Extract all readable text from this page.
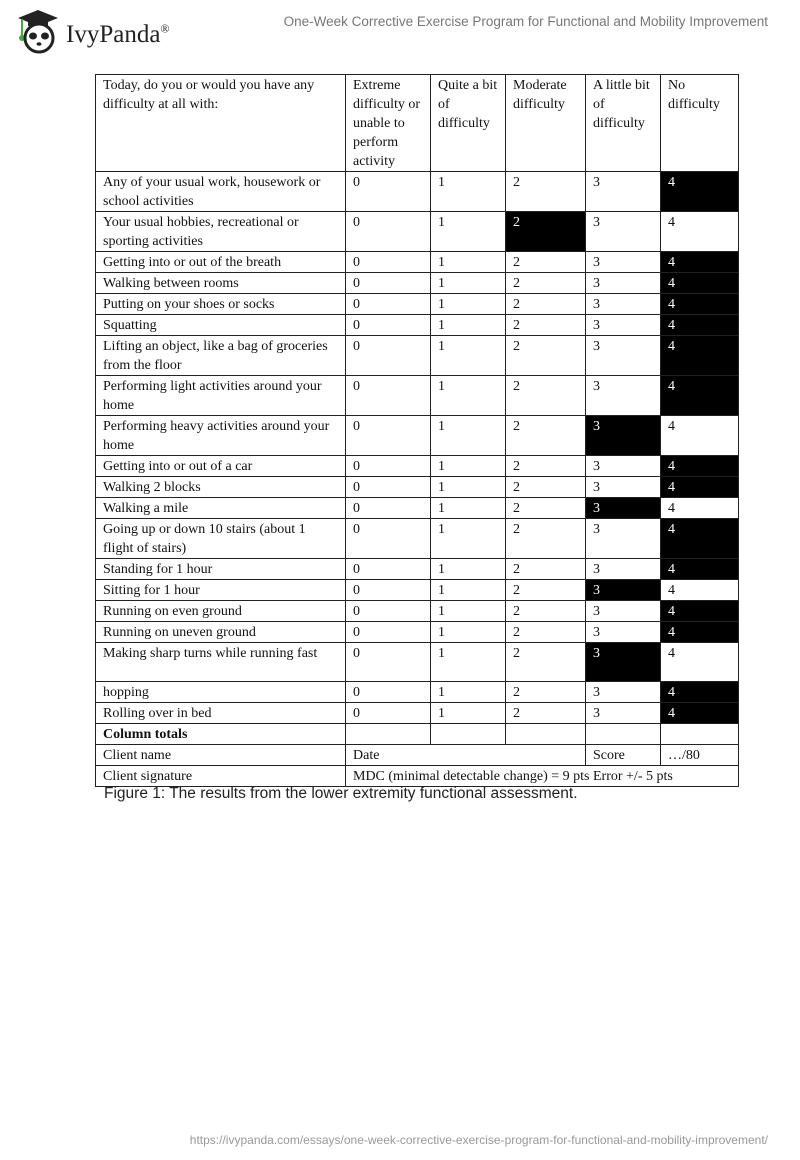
IvyPanda®	One-Week Corrective Exercise Program for Functional and Mobility Improvement
Today, do you or would you have any difficulty at all with:	Extreme difficulty or unable to perform activity	Quite a bit of difficulty	Moderate difficulty	A little bit of difficulty	No difficulty
Any of your usual work, housework or school activities	0	1	2	3	4
Your usual hobbies, recreational or sporting activities	0	1	2	3	4
Getting into or out of the breath	0	1	2	3	4
Walking between rooms	0	1	2	3	4
Putting on your shoes or socks	0	1	2	3	4
Squatting	0	1	2	3	4
Lifting an object, like a bag of groceries from the floor	0	1	2	3	4
Performing light activities around your home	0	1	2	3	4
Performing heavy activities around your home	0	1	2	3	4
Getting into or out of a car	0	1	2	3	4
Walking 2 blocks	0	1	2	3	4
Walking a mile	0	1	2	3	4
Going up or down 10 stairs (about 1 flight of stairs)	0	1	2	3	4
Standing for 1 hour	0	1	2	3	4
Sitting for 1 hour	0	1	2	3	4
Running on even ground	0	1	2	3	4
Running on uneven ground	0	1	2	3	4
Making sharp turns while running fast	0	1	2	3	4
hopping	0	1	2	3	4
Rolling over in bed	0	1	2	3	4
Column totals					
Client name	Date			Score	…/80
Client signature	MDC (minimal detectable change) = 9 pts Error +/- 5 pts				
Figure 1: The results from the lower extremity functional assessment.
https://ivypanda.com/essays/one-week-corrective-exercise-program-for-functional-and-mobility-improvement/
